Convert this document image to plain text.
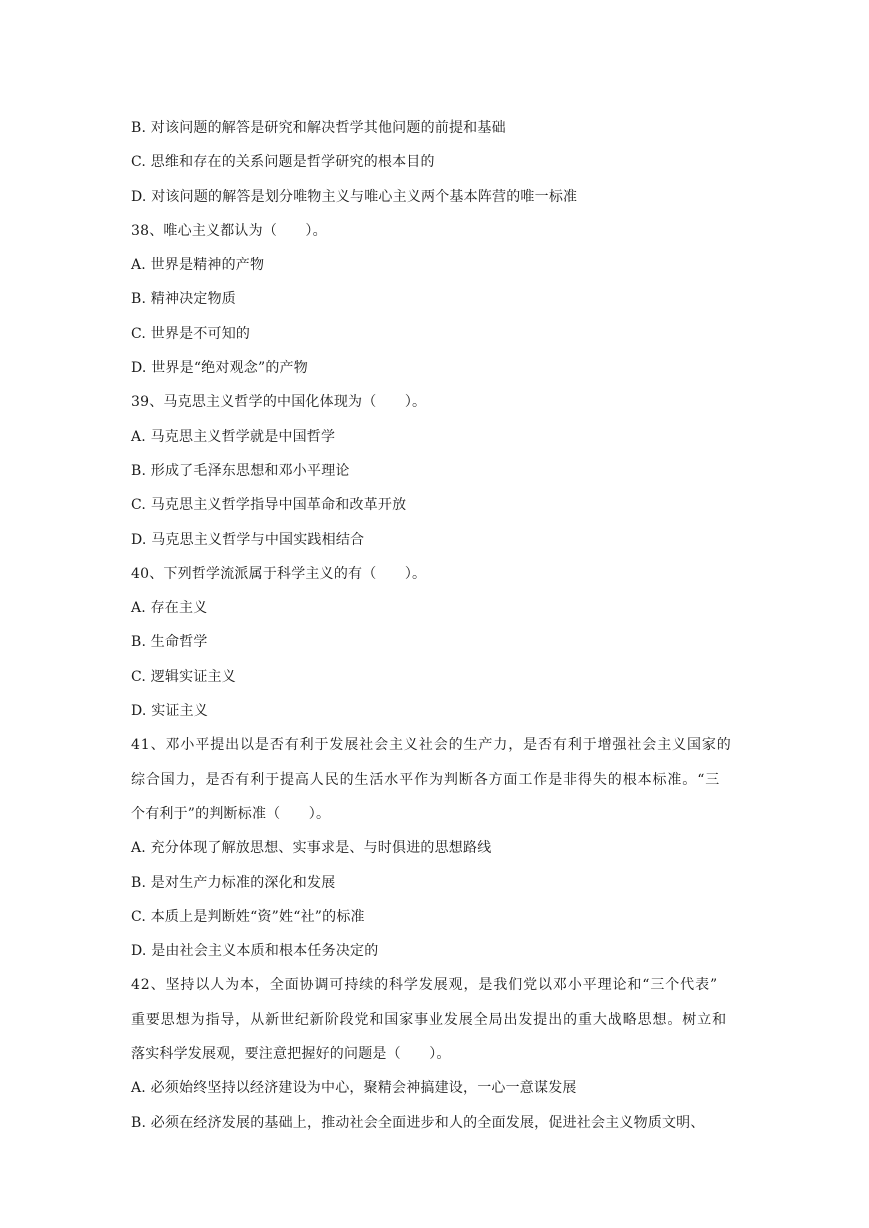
B. 对该问题的解答是研究和解决哲学其他问题的前提和基础
C. 思维和存在的关系问题是哲学研究的根本目的
D. 对该问题的解答是划分唯物主义与唯心主义两个基本阵营的唯一标准
38、唯心主义都认为（　　）。
A. 世界是精神的产物
B. 精神决定物质
C. 世界是不可知的
D. 世界是“绝对观念”的产物
39、马克思主义哲学的中国化体现为（　　）。
A. 马克思主义哲学就是中国哲学
B. 形成了毛泽东思想和邓小平理论
C. 马克思主义哲学指导中国革命和改革开放
D. 马克思主义哲学与中国实践相结合
40、下列哲学流派属于科学主义的有（　　）。
A. 存在主义
B. 生命哲学
C. 逻辑实证主义
D. 实证主义
41、邓小平提出以是否有利于发展社会主义社会的生产力，是否有利于增强社会主义国家的
综合国力，是否有利于提高人民的生活水平作为判断各方面工作是非得失的根本标准。“三
个有利于”的判断标准（　　）。
A. 充分体现了解放思想、实事求是、与时俱进的思想路线
B. 是对生产力标准的深化和发展
C. 本质上是判断姓“资”姓“社”的标准
D. 是由社会主义本质和根本任务决定的
42、坚持以人为本，全面协调可持续的科学发展观，是我们党以邓小平理论和“三个代表”
重要思想为指导，从新世纪新阶段党和国家事业发展全局出发提出的重大战略思想。树立和
落实科学发展观，要注意把握好的问题是（　　）。
A. 必须始终坚持以经济建设为中心，聚精会神搞建设，一心一意谋发展
B. 必须在经济发展的基础上，推动社会全面进步和人的全面发展，促进社会主义物质文明、
